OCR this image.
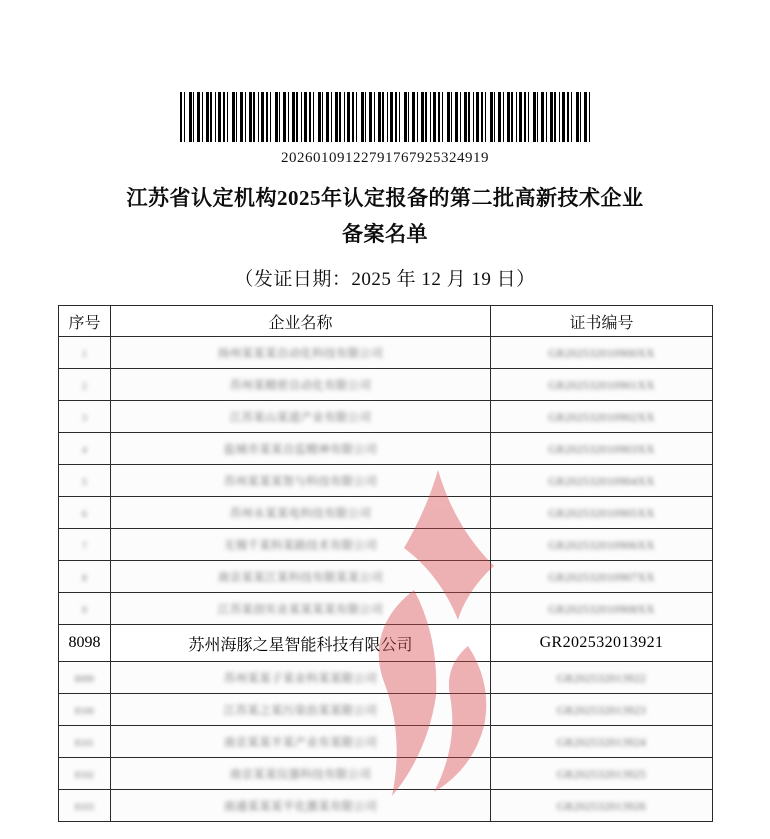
20260109122791767925324919
江苏省认定机构2025年认定报备的第二批高新技术企业
备案名单
（发证日期：2025 年 12 月 19 日）
序号	企业名称	证书编号
1	扬州某某某自动化科技有限公司	GR202532010900XX
2	苏州某精密自动化有限公司	GR202532010901XX
3	江苏某山某道产业有限公司	GR202532010902XX
4	盐城市某某自监精神有限公司	GR202532010903XX
5	苏州某某某智与科技有限公司	GR202532010904XX
6	苏州永某某电科技有限公司	GR202532010905XX
7	无锡千某科某路技术有限公司	GR202532010906XX
8	南京某某江某科技有限某某公司	GR202532010907XX
9	江苏某创实业某某某某有限公司	GR202532010908XX
8098	苏州海豚之星智能科技有限公司	GR202532013921
8099	苏州某某子某业科某某限公司	GR202532013922
8100	江苏某之某污染治某某限公司	GR202532013923
8101	南京某某半某产业有某限公司	GR202532013924
8102	南京某某仪器科技有限公司	GR202532013925
8103	南通某某某平化激某有限公司	GR202532013926
